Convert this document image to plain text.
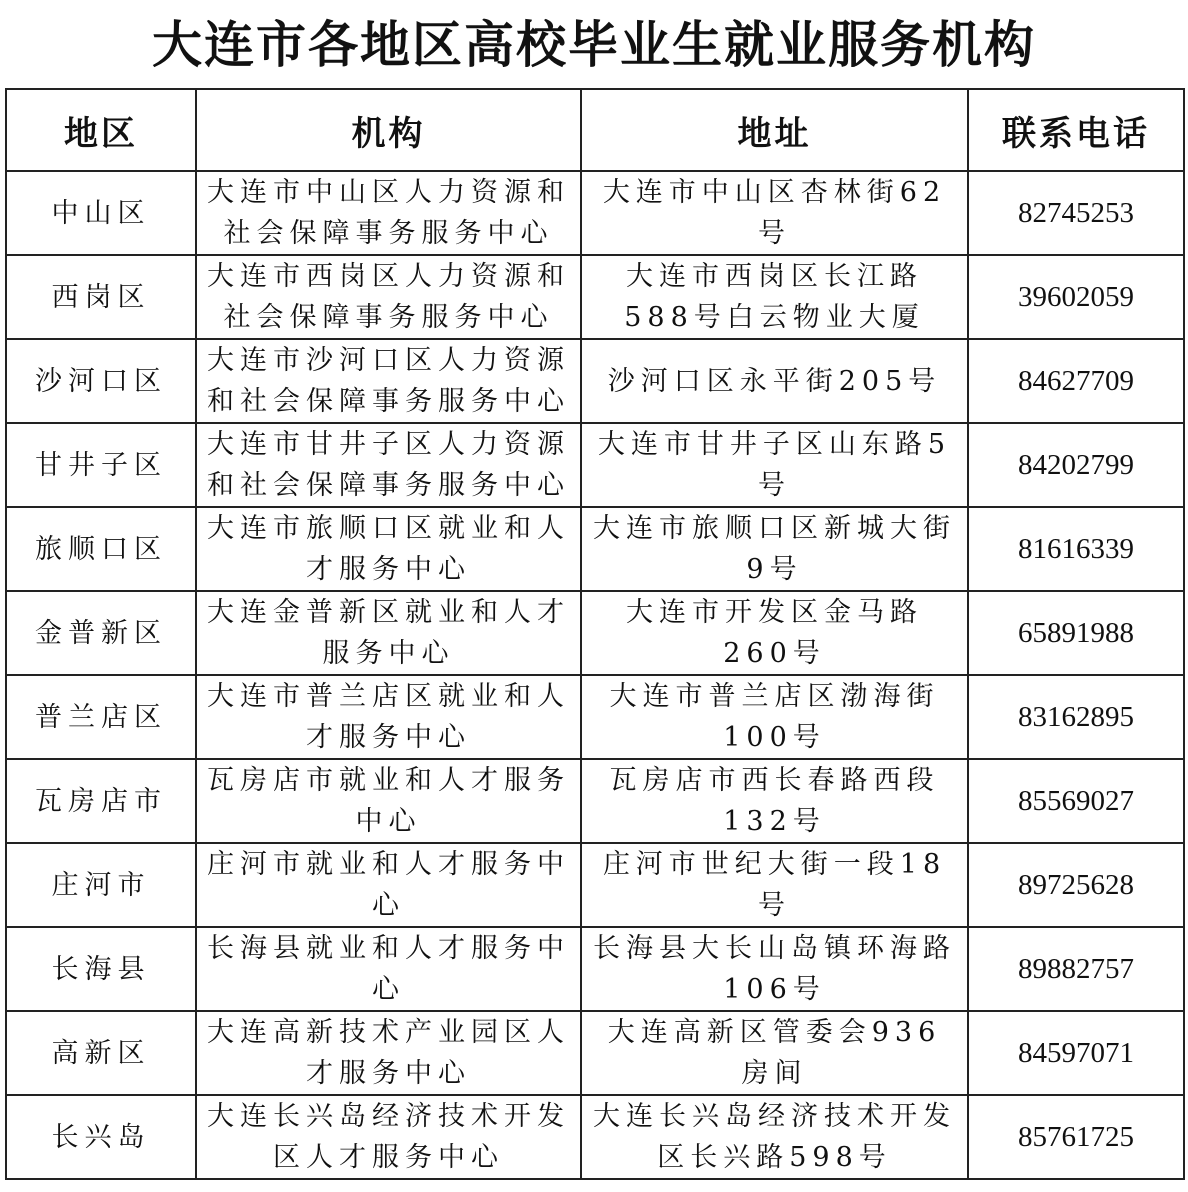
大连市各地区高校毕业生就业服务机构
地区	机构	地址	联系电话
中山区	大连市中山区人力资源和社会保障事务服务中心	大连市中山区杏林街62号	82745253
西岗区	大连市西岗区人力资源和社会保障事务服务中心	大连市西岗区长江路588号白云物业大厦	39602059
沙河口区	大连市沙河口区人力资源和社会保障事务服务中心	沙河口区永平街205号	84627709
甘井子区	大连市甘井子区人力资源和社会保障事务服务中心	大连市甘井子区山东路5号	84202799
旅顺口区	大连市旅顺口区就业和人才服务中心	大连市旅顺口区新城大街9号	81616339
金普新区	大连金普新区就业和人才服务中心	大连市开发区金马路260号	65891988
普兰店区	大连市普兰店区就业和人才服务中心	大连市普兰店区渤海街100号	83162895
瓦房店市	瓦房店市就业和人才服务中心	瓦房店市西长春路西段132号	85569027
庄河市	庄河市就业和人才服务中心	庄河市世纪大街一段18号	89725628
长海县	长海县就业和人才服务中心	长海县大长山岛镇环海路106号	89882757
高新区	大连高新技术产业园区人才服务中心	大连高新区管委会936房间	84597071
长兴岛	大连长兴岛经济技术开发区人才服务中心	大连长兴岛经济技术开发区长兴路598号	85761725
